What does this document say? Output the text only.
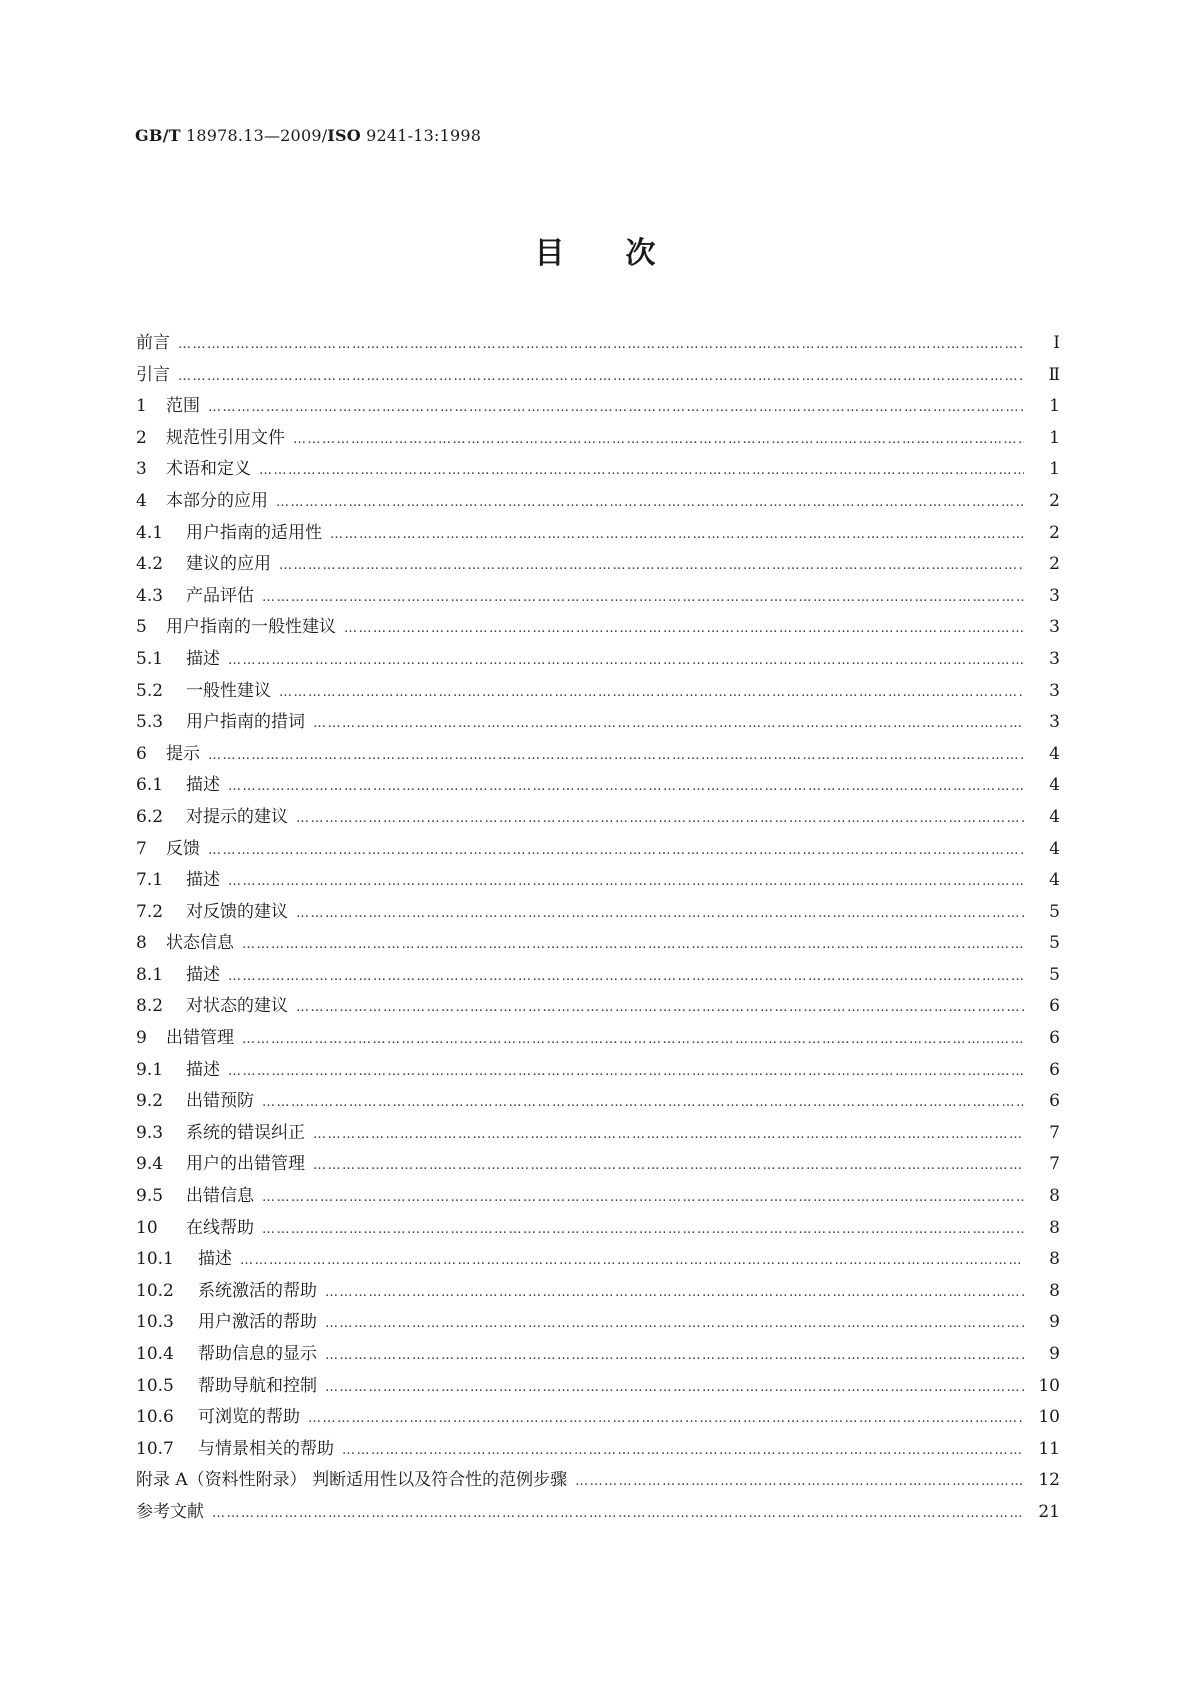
GB/T 18978.13—2009/ISO 9241-13:1998
目 次
前言 ………………………………………………………………………………………………………………………………………………………………………………………………………………………………	Ⅰ
引言 ………………………………………………………………………………………………………………………………………………………………………………………………………………………………	Ⅱ
1	范围 ………………………………………………………………………………………………………………………………………………………………………………………………………………………………	1
2	规范性引用文件 ………………………………………………………………………………………………………………………………………………………………………………………………………………………………	1
3	术语和定义 ………………………………………………………………………………………………………………………………………………………………………………………………………………………………	1
4	本部分的应用 ………………………………………………………………………………………………………………………………………………………………………………………………………………………………	2
4.1	用户指南的适用性 ………………………………………………………………………………………………………………………………………………………………………………………………………………………………	2
4.2	建议的应用 ………………………………………………………………………………………………………………………………………………………………………………………………………………………………	2
4.3	产品评估 ………………………………………………………………………………………………………………………………………………………………………………………………………………………………	3
5	用户指南的一般性建议 ………………………………………………………………………………………………………………………………………………………………………………………………………………………………	3
5.1	描述 ………………………………………………………………………………………………………………………………………………………………………………………………………………………………	3
5.2	一般性建议 ………………………………………………………………………………………………………………………………………………………………………………………………………………………………	3
5.3	用户指南的措词 ………………………………………………………………………………………………………………………………………………………………………………………………………………………………	3
6	提示 ………………………………………………………………………………………………………………………………………………………………………………………………………………………………	4
6.1	描述 ………………………………………………………………………………………………………………………………………………………………………………………………………………………………	4
6.2	对提示的建议 ………………………………………………………………………………………………………………………………………………………………………………………………………………………………	4
7	反馈 ………………………………………………………………………………………………………………………………………………………………………………………………………………………………	4
7.1	描述 ………………………………………………………………………………………………………………………………………………………………………………………………………………………………	4
7.2	对反馈的建议 ………………………………………………………………………………………………………………………………………………………………………………………………………………………………	5
8	状态信息 ………………………………………………………………………………………………………………………………………………………………………………………………………………………………	5
8.1	描述 ………………………………………………………………………………………………………………………………………………………………………………………………………………………………	5
8.2	对状态的建议 ………………………………………………………………………………………………………………………………………………………………………………………………………………………………	6
9	出错管理 ………………………………………………………………………………………………………………………………………………………………………………………………………………………………	6
9.1	描述 ………………………………………………………………………………………………………………………………………………………………………………………………………………………………	6
9.2	出错预防 ………………………………………………………………………………………………………………………………………………………………………………………………………………………………	6
9.3	系统的错误纠正 ………………………………………………………………………………………………………………………………………………………………………………………………………………………………	7
9.4	用户的出错管理 ………………………………………………………………………………………………………………………………………………………………………………………………………………………………	7
9.5	出错信息 ………………………………………………………………………………………………………………………………………………………………………………………………………………………………	8
10	在线帮助 ………………………………………………………………………………………………………………………………………………………………………………………………………………………………	8
10.1	描述 ………………………………………………………………………………………………………………………………………………………………………………………………………………………………	8
10.2	系统激活的帮助 ………………………………………………………………………………………………………………………………………………………………………………………………………………………………	8
10.3	用户激活的帮助 ………………………………………………………………………………………………………………………………………………………………………………………………………………………………	9
10.4	帮助信息的显示 ………………………………………………………………………………………………………………………………………………………………………………………………………………………………	9
10.5	帮助导航和控制 ………………………………………………………………………………………………………………………………………………………………………………………………………………………………	10
10.6	可浏览的帮助 ………………………………………………………………………………………………………………………………………………………………………………………………………………………………	10
10.7	与情景相关的帮助 ………………………………………………………………………………………………………………………………………………………………………………………………………………………………	11
附录 A（资料性附录） 判断适用性以及符合性的范例步骤 ………………………………………………………………………………………………………………………………………………………………………………………………………………………………	12
参考文献 ………………………………………………………………………………………………………………………………………………………………………………………………………………………………	21
